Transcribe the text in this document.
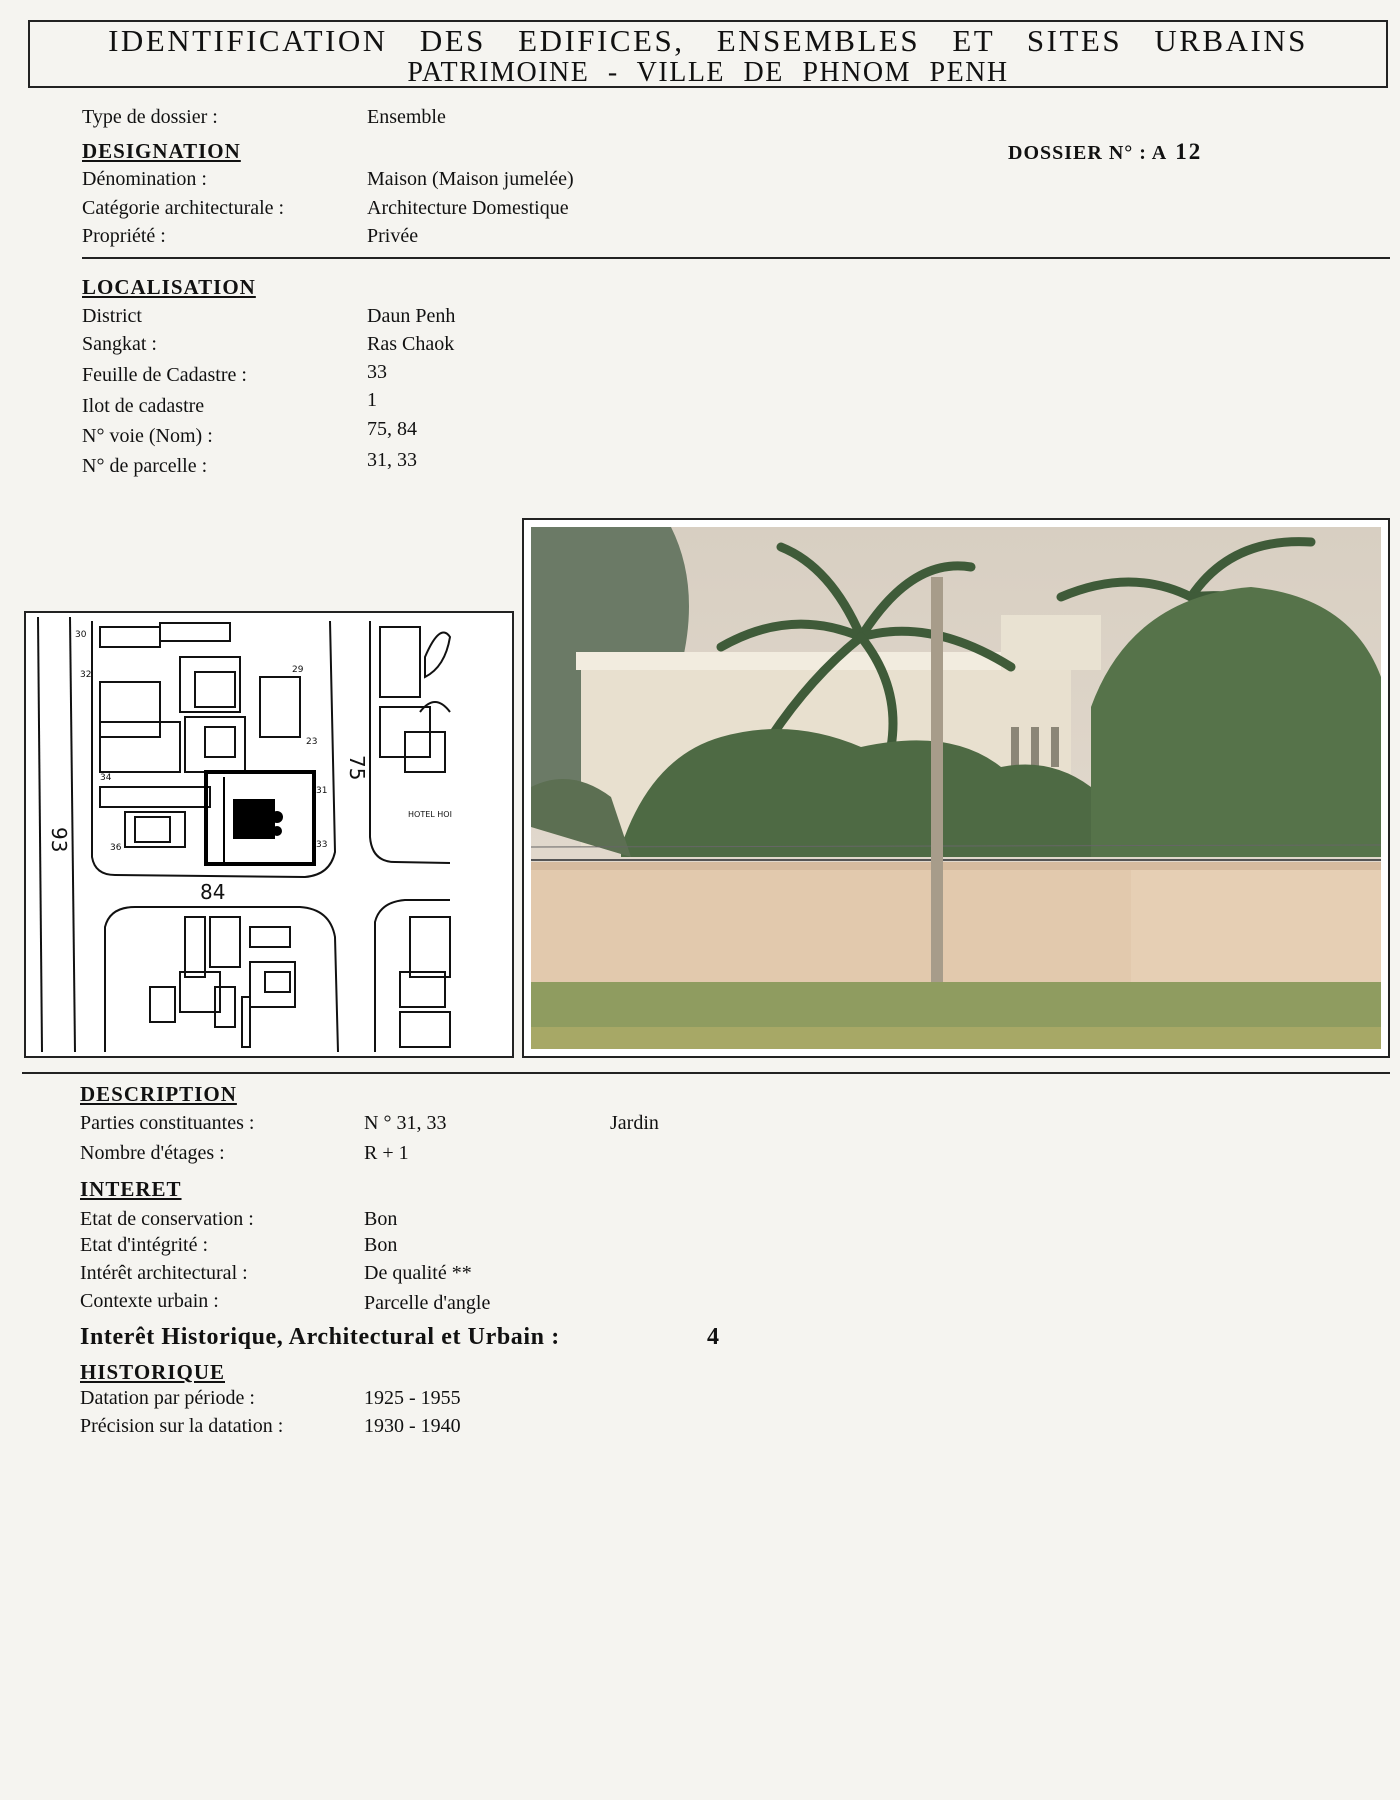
IDENTIFICATION DES EDIFICES, ENSEMBLES ET SITES URBAINS
PATRIMOINE - VILLE DE PHNOM PENH
Type de dossier :	Ensemble
DESIGNATION	DOSSIER N° : A 12
Dénomination :	Maison (Maison jumelée)
Catégorie architecturale :	Architecture Domestique
Propriété :	Privée
LOCALISATION
District	Daun Penh
Sangkat :	Ras Chaok
Feuille de Cadastre :	33
Ilot de cadastre	1
N° voie (Nom) :	75, 84
N° de parcelle :	31, 33
30
32	29
23
34
31
33
36
75
93
84
HOTEL HOI
DESCRIPTION
Parties constituantes :	N ° 31, 33	Jardin
Nombre d'étages :	R + 1
INTERET
Etat de conservation :	Bon
Etat d'intégrité :	Bon
Intérêt architectural :	De qualité **
Contexte urbain :	Parcelle d'angle
Interêt Historique, Architectural et Urbain :	4
HISTORIQUE
Datation par période :	1925 - 1955
Précision sur la datation :	1930 - 1940
